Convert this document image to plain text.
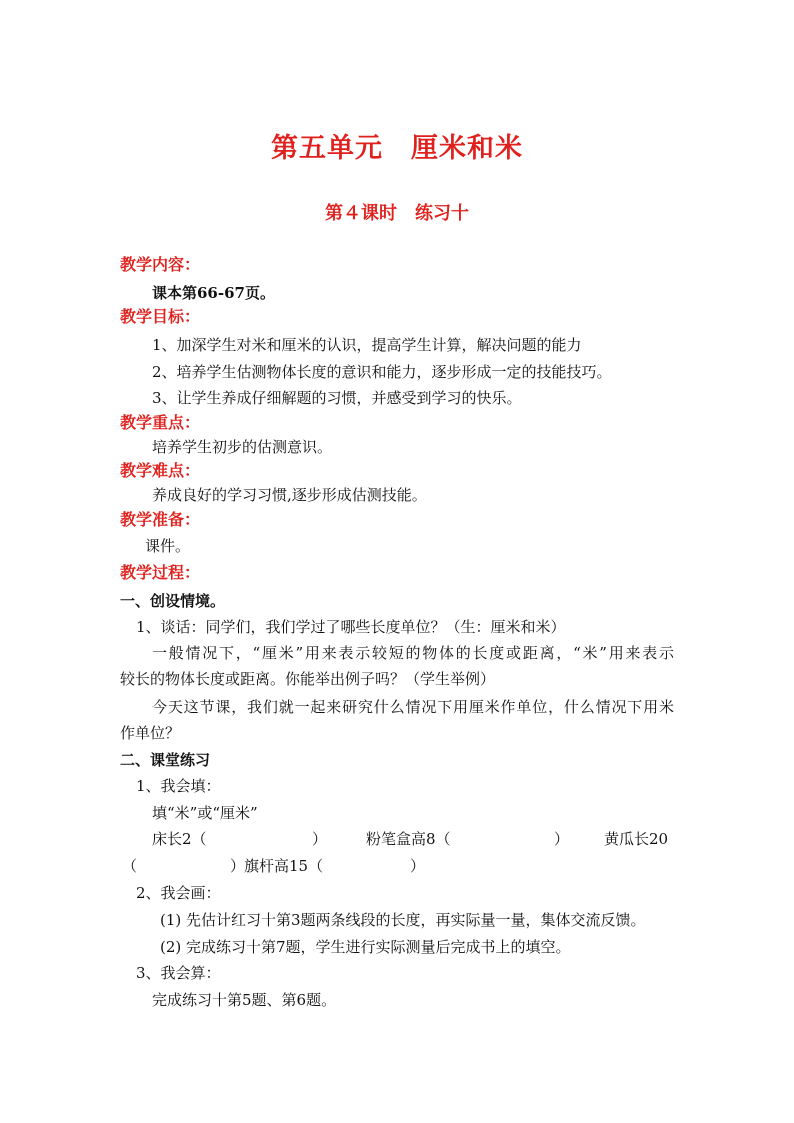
第五单元　厘米和米
第４课时　练习十
教学内容：
课本第66-67页。
教学目标：
1、加深学生对米和厘米的认识，提高学生计算，解决问题的能力
2、培养学生估测物体长度的意识和能力，逐步形成一定的技能技巧。
3、让学生养成仔细解题的习惯，并感受到学习的快乐。
教学重点：
培养学生初步的估测意识。
教学难点：
养成良好的学习习惯,逐步形成估测技能。
教学准备：
课件。
教学过程：
一、创设情境。
1、谈话：同学们，我们学过了哪些长度单位？（生：厘米和米）
一般情况下，“厘米”用来表示较短的物体的长度或距离，“米”用来表示
较长的物体长度或距离。你能举出例子吗？（学生举例）
今天这节课，我们就一起来研究什么情况下用厘米作单位，什么情况下用米
作单位？
二、课堂练习
1、我会填：
填“米”或“厘米”
床长2（	）	粉笔盒高8（	） 黄瓜长20
（	）
旗杆高15（	）
2、我会画：
(1) 先估计红习十第3题两条线段的长度，再实际量一量，集体交流反馈。
(2) 完成练习十第7题，学生进行实际测量后完成书上的填空。
3、我会算：
完成练习十第5题、第6题。
